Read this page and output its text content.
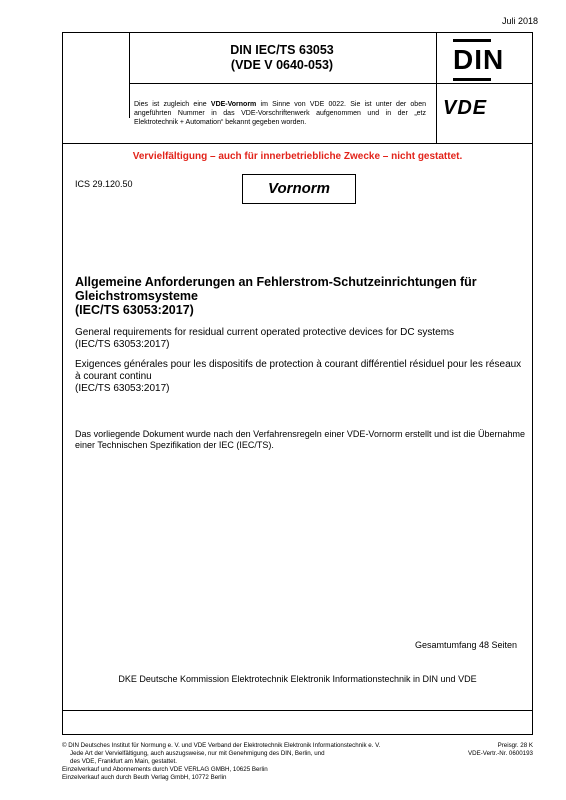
Juli 2018
DIN IEC/TS 63053
(VDE V 0640-053)	DIN
Dies ist zugleich eine VDE-Vornorm im Sinne von VDE 0022. Sie ist unter der oben angeführten Nummer in das VDE-Vorschriftenwerk aufgenommen und in der „etz Elektrotechnik + Automation“ bekannt gegeben worden.
VDE
Vervielfältigung – auch für innerbetriebliche Zwecke – nicht gestattet.
ICS 29.120.50	Vornorm
Allgemeine Anforderungen an Fehlerstrom-Schutzeinrichtungen für Gleichstromsysteme
(IEC/TS 63053:2017)
General requirements for residual current operated protective devices for DC systems
(IEC/TS 63053:2017)
Exigences générales pour les dispositifs de protection à courant différentiel résiduel pour les réseaux à courant continu
(IEC/TS 63053:2017)
Das vorliegende Dokument wurde nach den Verfahrensregeln einer VDE-Vornorm erstellt und ist die Übernahme einer Technischen Spezifikation der IEC (IEC/TS).
Gesamtumfang 48 Seiten
DKE Deutsche Kommission Elektrotechnik Elektronik Informationstechnik in DIN und VDE
© DIN Deutsches Institut für Normung e. V. und VDE Verband der Elektrotechnik Elektronik Informationstechnik e. V.
Jede Art der Vervielfältigung, auch auszugsweise, nur mit Genehmigung des DIN, Berlin, und
des VDE, Frankfurt am Main, gestattet.
Einzelverkauf und Abonnements durch VDE VERLAG GMBH, 10625 Berlin
Einzelverkauf auch durch Beuth Verlag GmbH, 10772 Berlin
Preisgr. 28 K
VDE-Vertr.-Nr. 0600193
